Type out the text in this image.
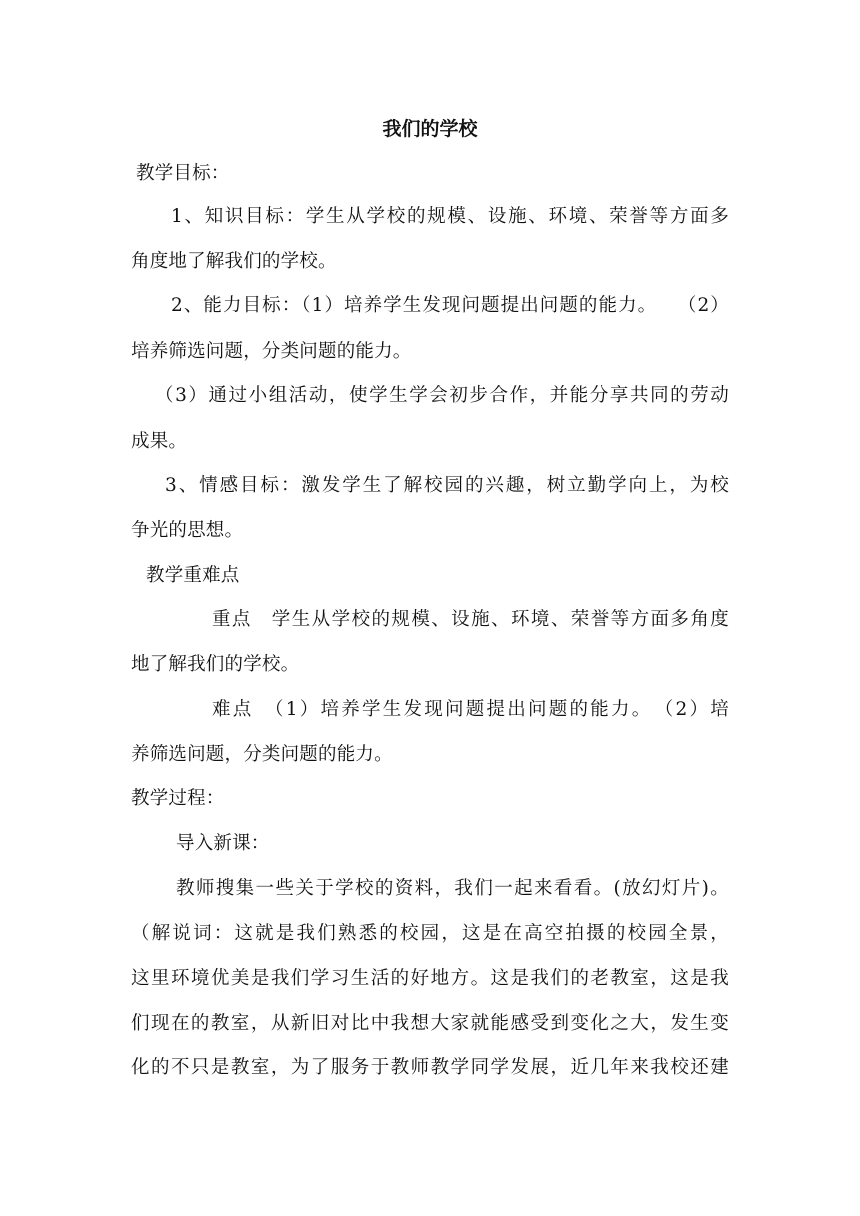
我们的学校
教学目标：
1、知识目标：学生从学校的规模、设施、环境、荣誉等方面多
角度地了解我们的学校。
2、能力目标：（1）培养学生发现问题提出问题的能力。　　（2）
培养筛选问题，分类问题的能力。
（3）通过小组活动，使学生学会初步合作，并能分享共同的劳动
成果。
3、情感目标：激发学生了解校园的兴趣，树立勤学向上，为校
争光的思想。
教学重难点
重点　学生从学校的规模、设施、环境、荣誉等方面多角度
地了解我们的学校。
难点　（1）培养学生发现问题提出问题的能力。　（2）培
养筛选问题，分类问题的能力。
教学过程：
导入新课：
教师搜集一些关于学校的资料，我们一起来看看。(放幻灯片)。
（解说词：这就是我们熟悉的校园，这是在高空拍摄的校园全景，
这里环境优美是我们学习生活的好地方。这是我们的老教室，这是我
们现在的教室，从新旧对比中我想大家就能感受到变化之大，发生变
化的不只是教室，为了服务于教师教学同学发展，近几年来我校还建
